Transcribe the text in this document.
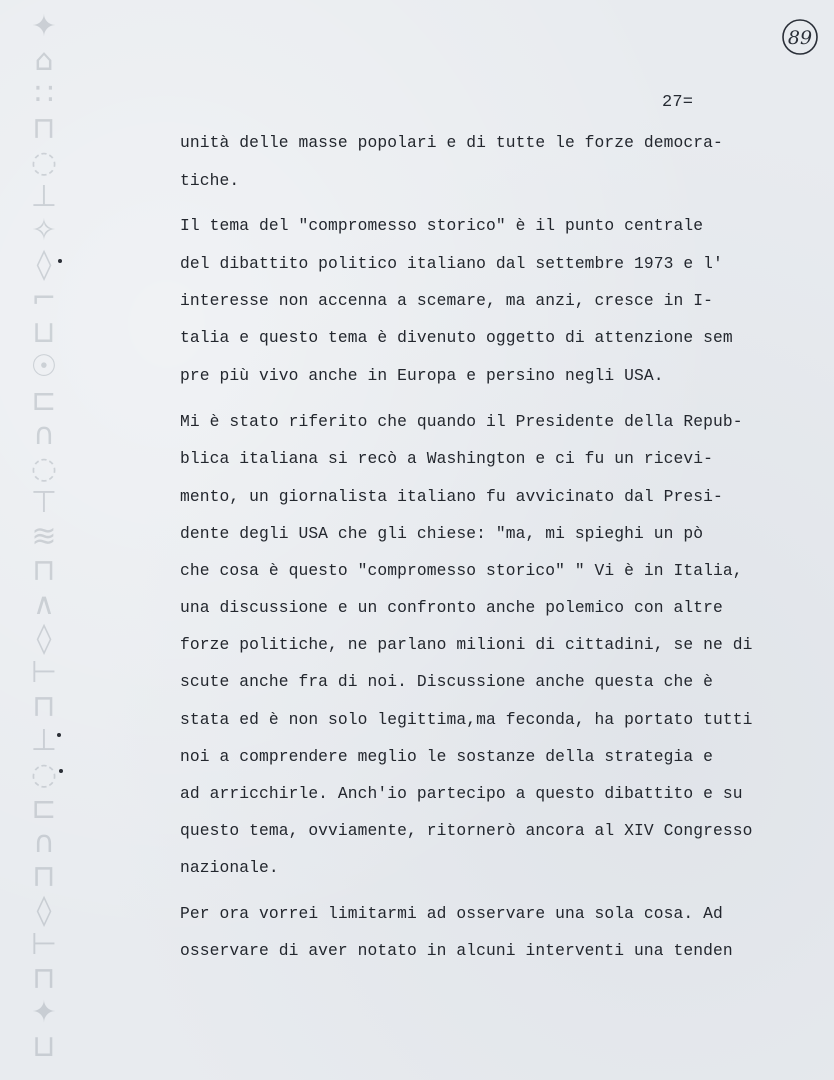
✦
⌂
∷
⊓
◌
⊥
✧
◊
⌐
⊔
☉
⊏
∩
◌
⊤
≋
⊓
∧
◊
⊢
⊓
⊥
◌
⊏
∩
⊓
◊
⊢
⊓
✦
⊔
89
27=
unità delle masse popolari e di tutte le forze democra-
tiche.
Il tema del "compromesso storico" è il punto centrale
del dibattito politico italiano dal settembre 1973 e l'
interesse non accenna a scemare, ma anzi, cresce in I-
talia e questo tema è divenuto oggetto di attenzione sem
pre più vivo anche in Europa e persino negli USA.
Mi è stato riferito che quando il Presidente della Repub-
blica italiana si recò a Washington e ci fu un ricevi-
mento, un giornalista italiano fu avvicinato dal Presi-
dente degli USA che gli chiese: "ma, mi spieghi un pò
che cosa è questo "compromesso storico" " Vi è in Italia,
una discussione e un confronto anche polemico con altre
forze politiche, ne parlano milioni di cittadini, se ne di
scute anche fra di noi. Discussione anche questa che è
stata ed è non solo legittima,ma feconda, ha portato tutti
noi a comprendere meglio le sostanze della strategia e
ad arricchirle. Anch'io partecipo a questo dibattito e su
questo tema, ovviamente, ritornerò ancora al XIV Congresso
nazionale.
Per ora vorrei limitarmi ad osservare una sola cosa. Ad
osservare di aver notato in alcuni interventi una tenden
